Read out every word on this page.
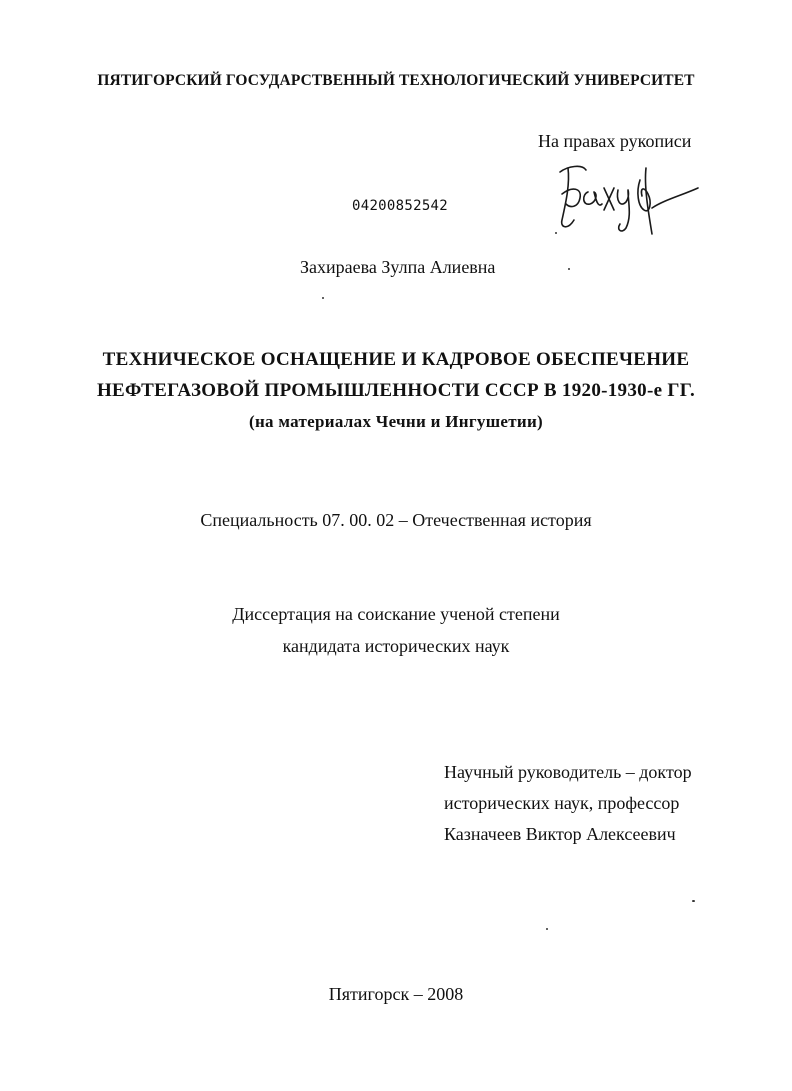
ПЯТИГОРСКИЙ ГОСУДАРСТВЕННЫЙ ТЕХНОЛОГИЧЕСКИЙ УНИВЕРСИТЕТ
На правах рукописи
04200852542
Захираева Зулпа Алиевна
ТЕХНИЧЕСКОЕ ОСНАЩЕНИЕ И КАДРОВОЕ ОБЕСПЕЧЕНИЕ
НЕФТЕГАЗОВОЙ ПРОМЫШЛЕННОСТИ СССР В 1920-1930-е ГГ.
(на материалах Чечни и Ингушетии)
Специальность 07. 00. 02 – Отечественная история
Диссертация на соискание ученой степени
кандидата исторических наук
Научный руководитель – доктор
исторических наук, профессор
Казначеев Виктор Алексеевич
Пятигорск – 2008
